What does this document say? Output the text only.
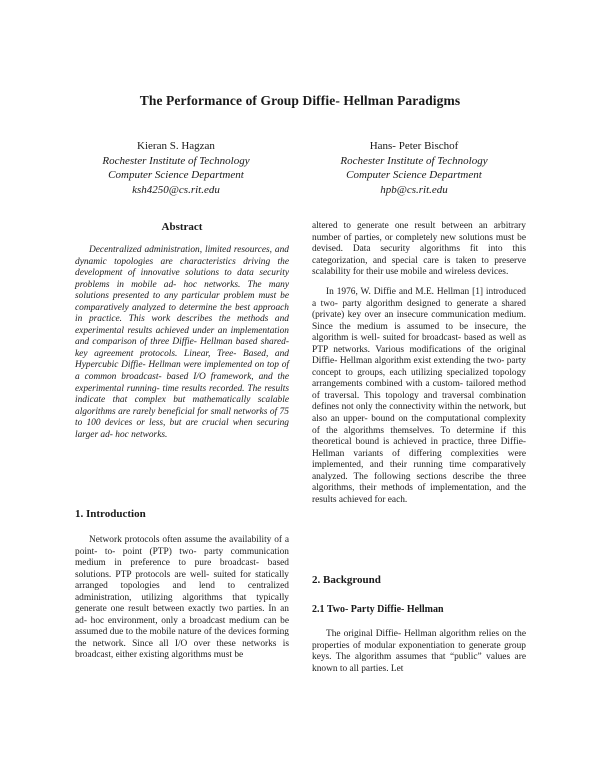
The Performance of Group Diffie- Hellman Paradigms
Kieran S. Hagzan
Rochester Institute of Technology
Computer Science Department
ksh4250@cs.rit.edu
Hans- Peter Bischof
Rochester Institute of Technology
Computer Science Department
hpb@cs.rit.edu
Abstract
Decentralized administration, limited resources, and dynamic topologies are characteristics driving the development of innovative solutions to data security problems in mobile ad- hoc networks. The many solutions presented to any particular problem must be comparatively analyzed to determine the best approach in practice. This work describes the methods and experimental results achieved under an implementation and comparison of three Diffie- Hellman based shared- key agreement protocols. Linear, Tree- Based, and Hypercubic Diffie- Hellman were implemented on top of a common broadcast- based I/O framework, and the experimental running- time results recorded. The results indicate that complex but mathematically scalable algorithms are rarely beneficial for small networks of 75 to 100 devices or less, but are crucial when securing larger ad- hoc networks.
1. Introduction
Network protocols often assume the availability of a point- to- point (PTP) two- party communication medium in preference to pure broadcast- based solutions. PTP protocols are well- suited for statically arranged topologies and lend to centralized administration, utilizing algorithms that typically generate one result between exactly two parties. In an ad- hoc environment, only a broadcast medium can be assumed due to the mobile nature of the devices forming the network. Since all I/O over these networks is broadcast, either existing algorithms must be
altered to generate one result between an arbitrary number of parties, or completely new solutions must be devised. Data security algorithms fit into this categorization, and special care is taken to preserve scalability for their use mobile and wireless devices.
In 1976, W. Diffie and M.E. Hellman [1] introduced a two- party algorithm designed to generate a shared (private) key over an insecure communication medium. Since the medium is assumed to be insecure, the algorithm is well- suited for broadcast- based as well as PTP networks. Various modifications of the original Diffie- Hellman algorithm exist extending the two- party concept to groups, each utilizing specialized topology arrangements combined with a custom- tailored method of traversal. This topology and traversal combination defines not only the connectivity within the network, but also an upper- bound on the computational complexity of the algorithms themselves. To determine if this theoretical bound is achieved in practice, three Diffie- Hellman variants of differing complexities were implemented, and their running time comparatively analyzed. The following sections describe the three algorithms, their methods of implementation, and the results achieved for each.
2. Background
2.1 Two- Party Diffie- Hellman
The original Diffie- Hellman algorithm relies on the properties of modular exponentiation to generate group keys. The algorithm assumes that “public” values are known to all parties. Let
